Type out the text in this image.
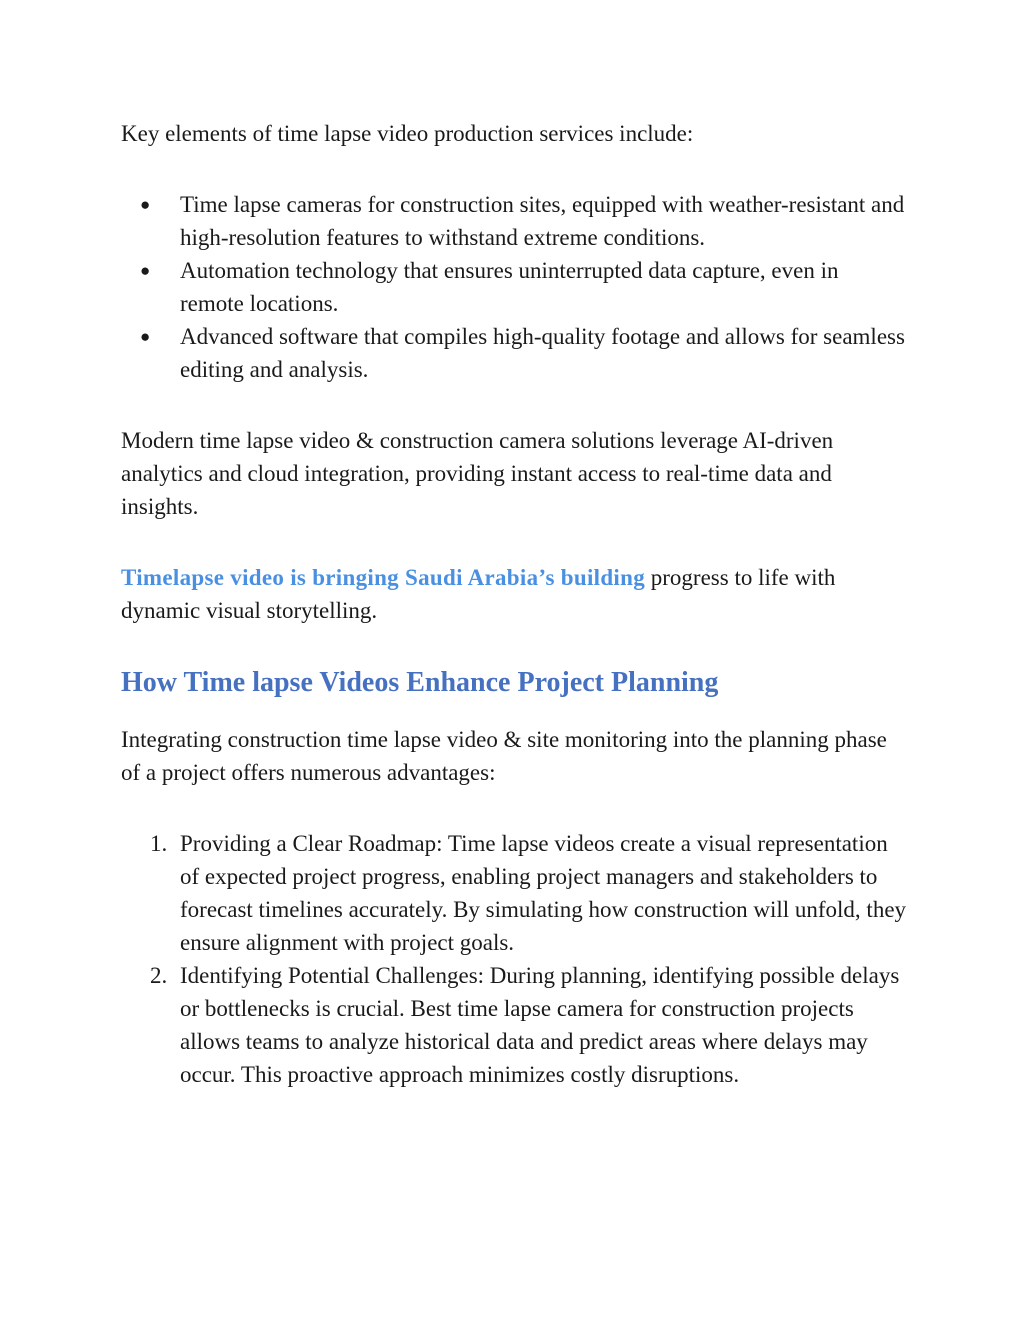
Key elements of time lapse video production services include:

● Time lapse cameras for construction sites, equipped with weather-resistant and high-resolution features to withstand extreme conditions.
● Automation technology that ensures uninterrupted data capture, even in remote locations.
● Advanced software that compiles high-quality footage and allows for seamless editing and analysis.

Modern time lapse video & construction camera solutions leverage AI-driven analytics and cloud integration, providing instant access to real-time data and insights.

Timelapse video is bringing Saudi Arabia’s building progress to life with dynamic visual storytelling.

How Time lapse Videos Enhance Project Planning

Integrating construction time lapse video & site monitoring into the planning phase of a project offers numerous advantages:

1. Providing a Clear Roadmap: Time lapse videos create a visual representation of expected project progress, enabling project managers and stakeholders to forecast timelines accurately. By simulating how construction will unfold, they ensure alignment with project goals.
2. Identifying Potential Challenges: During planning, identifying possible delays or bottlenecks is crucial. Best time lapse camera for construction projects allows teams to analyze historical data and predict areas where delays may occur. This proactive approach minimizes costly disruptions.
